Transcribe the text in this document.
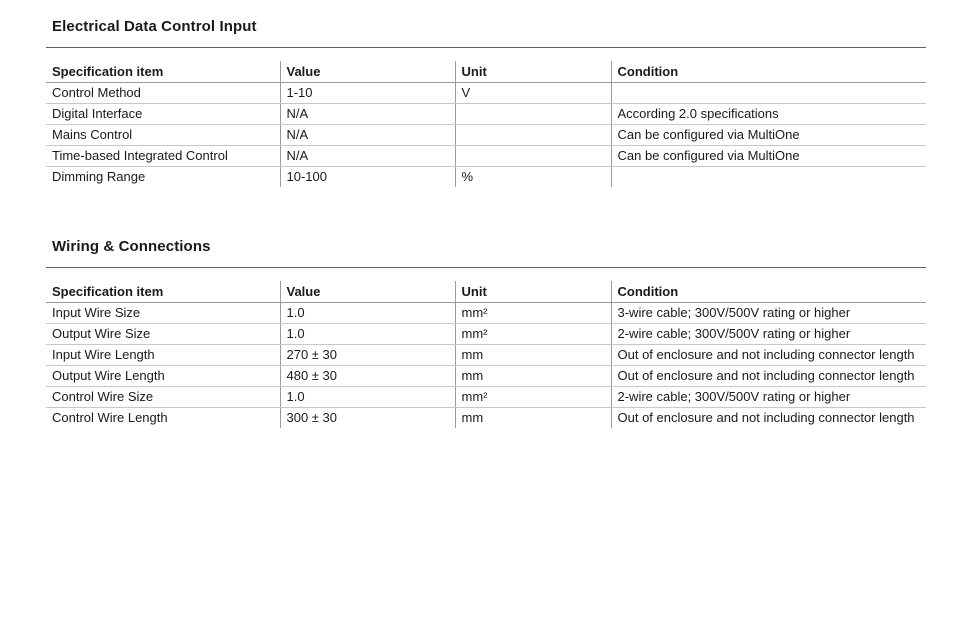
Electrical Data Control Input
Specification item	Value	Unit	Condition
Control Method	1-10	V	
Digital Interface	N/A		According 2.0 specifications
Mains Control	N/A		Can be configured via MultiOne
Time-based Integrated Control	N/A		Can be configured via MultiOne
Dimming Range	10-100	%	
Wiring & Connections
Specification item	Value	Unit	Condition
Input Wire Size	1.0	mm²	3-wire cable; 300V/500V rating or higher
Output Wire Size	1.0	mm²	2-wire cable; 300V/500V rating or higher
Input Wire Length	270 ± 30	mm	Out of enclosure and not including connector length
Output Wire Length	480 ± 30	mm	Out of enclosure and not including connector length
Control Wire Size	1.0	mm²	2-wire cable; 300V/500V rating or higher
Control Wire Length	300 ± 30	mm	Out of enclosure and not including connector length
